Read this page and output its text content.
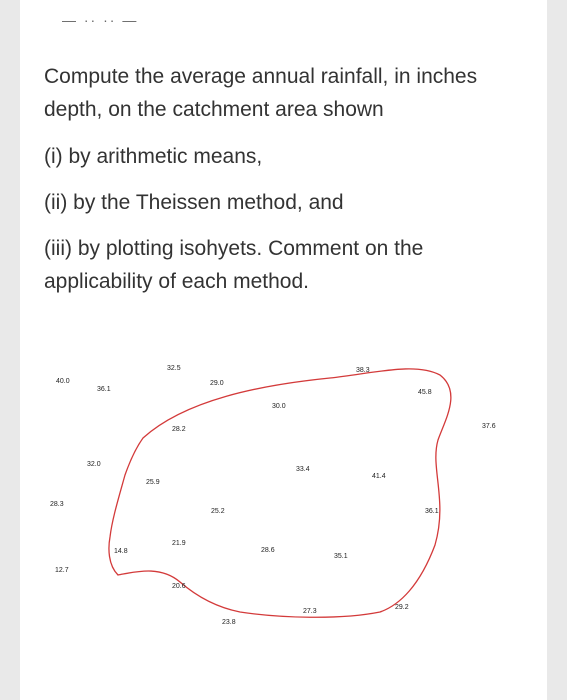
— ·· ·· —

Compute the average annual rainfall, in inches depth, on the catchment area shown

(i) by arithmetic means,

(ii) by the Theissen method, and

(iii) by plotting isohyets. Comment on the applicability of each method.

40.0
36.1
32.5
29.0
38.3
45.8
30.0
28.2	37.6
32.0
33.4
41.4
25.9
28.3
25.2	36.1
21.9
14.8	28.6
35.1
12.7
20.6
27.3
29.2
23.8
